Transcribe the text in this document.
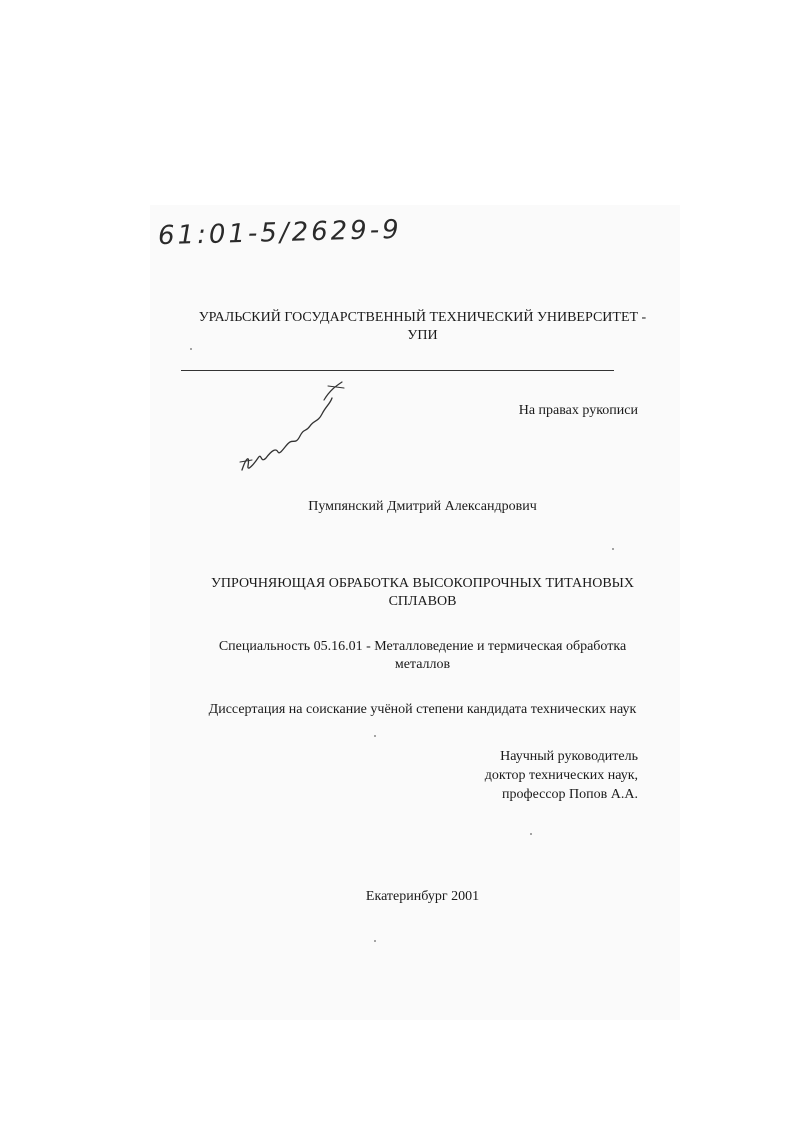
61:01-5/2629-9
УРАЛЬСКИЙ ГОСУДАРСТВЕННЫЙ ТЕХНИЧЕСКИЙ УНИВЕРСИТЕТ -
УПИ
На правах рукописи
Пумпянский Дмитрий Александрович
УПРОЧНЯЮЩАЯ ОБРАБОТКА ВЫСОКОПРОЧНЫХ ТИТАНОВЫХ
СПЛАВОВ
Специальность 05.16.01 - Металловедение и термическая обработка
металлов
Диссертация на соискание учёной степени кандидата технических наук
Научный руководитель
доктор технических наук,
профессор Попов А.А.
Екатеринбург 2001
